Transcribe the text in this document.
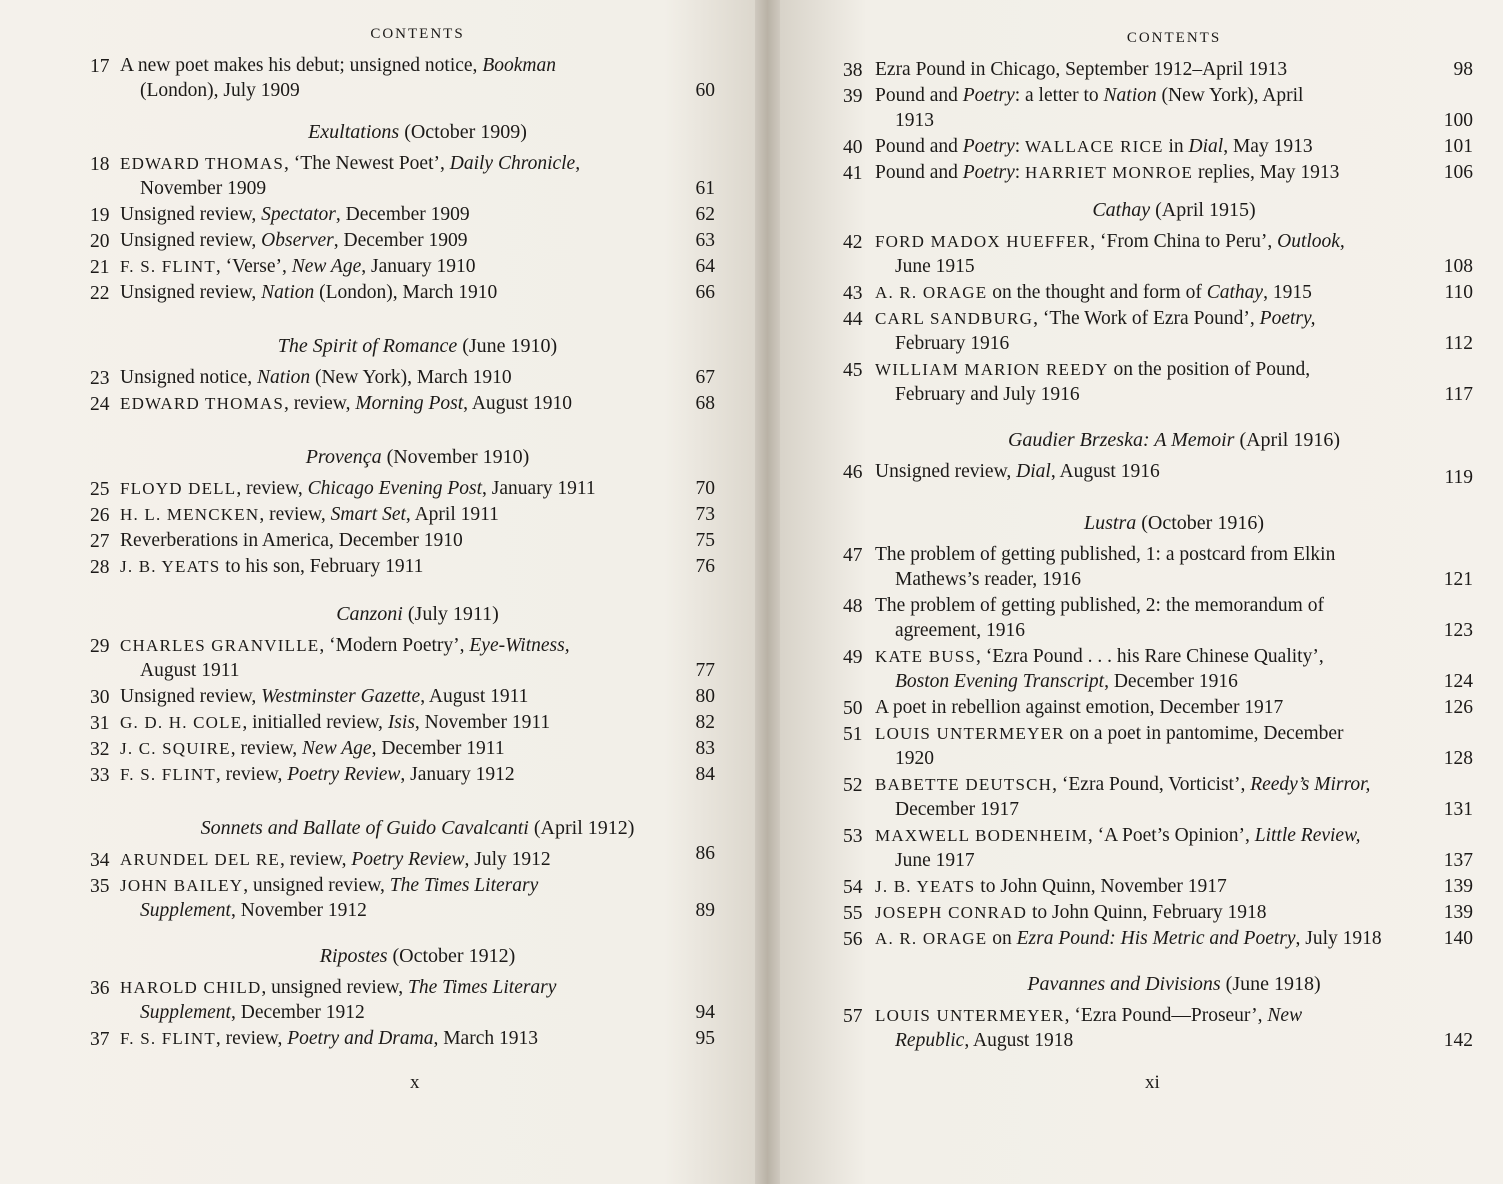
CONTENTS
17 A new poet makes his debut; unsigned notice, Bookman
(London), July 1909	60
Exultations (October 1909)
18 EDWARD THOMAS, ‘The Newest Poet’, Daily Chronicle,
November 1909	61
19 Unsigned review, Spectator, December 1909	62
20 Unsigned review, Observer, December 1909	63
21 F. S. FLINT, ‘Verse’, New Age, January 1910	64
22 Unsigned review, Nation (London), March 1910	66
The Spirit of Romance (June 1910)
23 Unsigned notice, Nation (New York), March 1910	67
24 EDWARD THOMAS, review, Morning Post, August 1910	68
Provença (November 1910)
25 FLOYD DELL, review, Chicago Evening Post, January 1911	70
26 H. L. MENCKEN, review, Smart Set, April 1911	73
27 Reverberations in America, December 1910	75
28 J. B. YEATS to his son, February 1911	76
Canzoni (July 1911)
29 CHARLES GRANVILLE, ‘Modern Poetry’, Eye-Witness,
August 1911	77
30 Unsigned review, Westminster Gazette, August 1911	80
31 G. D. H. COLE, initialled review, Isis, November 1911	82
32 J. C. SQUIRE, review, New Age, December 1911	83
33 F. S. FLINT, review, Poetry Review, January 1912	84
Sonnets and Ballate of Guido Cavalcanti (April 1912)
34 ARUNDEL DEL RE, review, Poetry Review, July 1912	86
35 JOHN BAILEY, unsigned review, The Times Literary
Supplement, November 1912	89
Ripostes (October 1912)
36 HAROLD CHILD, unsigned review, The Times Literary
Supplement, December 1912	94
37 F. S. FLINT, review, Poetry and Drama, March 1913	95
x
CONTENTS
38 Ezra Pound in Chicago, September 1912–April 1913	98
39 Pound and Poetry: a letter to Nation (New York), April
1913	100
40 Pound and Poetry: WALLACE RICE in Dial, May 1913	101
41 Pound and Poetry: HARRIET MONROE replies, May 1913	106
Cathay (April 1915)
42 FORD MADOX HUEFFER, ‘From China to Peru’, Outlook,
June 1915	108
43 A. R. ORAGE on the thought and form of Cathay, 1915	110
44 CARL SANDBURG, ‘The Work of Ezra Pound’, Poetry,
February 1916	112
45 WILLIAM MARION REEDY on the position of Pound,
February and July 1916	117
Gaudier Brzeska: A Memoir (April 1916)
46 Unsigned review, Dial, August 1916	119
Lustra (October 1916)
47 The problem of getting published, 1: a postcard from Elkin
Mathews’s reader, 1916	121
48 The problem of getting published, 2: the memorandum of
agreement, 1916	123
49 KATE BUSS, ‘Ezra Pound . . . his Rare Chinese Quality’,
Boston Evening Transcript, December 1916	124
50 A poet in rebellion against emotion, December 1917	126
51 LOUIS UNTERMEYER on a poet in pantomime, December
1920	128
52 BABETTE DEUTSCH, ‘Ezra Pound, Vorticist’, Reedy’s Mirror,
December 1917	131
53 MAXWELL BODENHEIM, ‘A Poet’s Opinion’, Little Review,
June 1917	137
54 J. B. YEATS to John Quinn, November 1917	139
55 JOSEPH CONRAD to John Quinn, February 1918	139
56 A. R. ORAGE on Ezra Pound: His Metric and Poetry, July 1918	140
Pavannes and Divisions (June 1918)
57 LOUIS UNTERMEYER, ‘Ezra Pound—Proseur’, New
Republic, August 1918	142
xi
